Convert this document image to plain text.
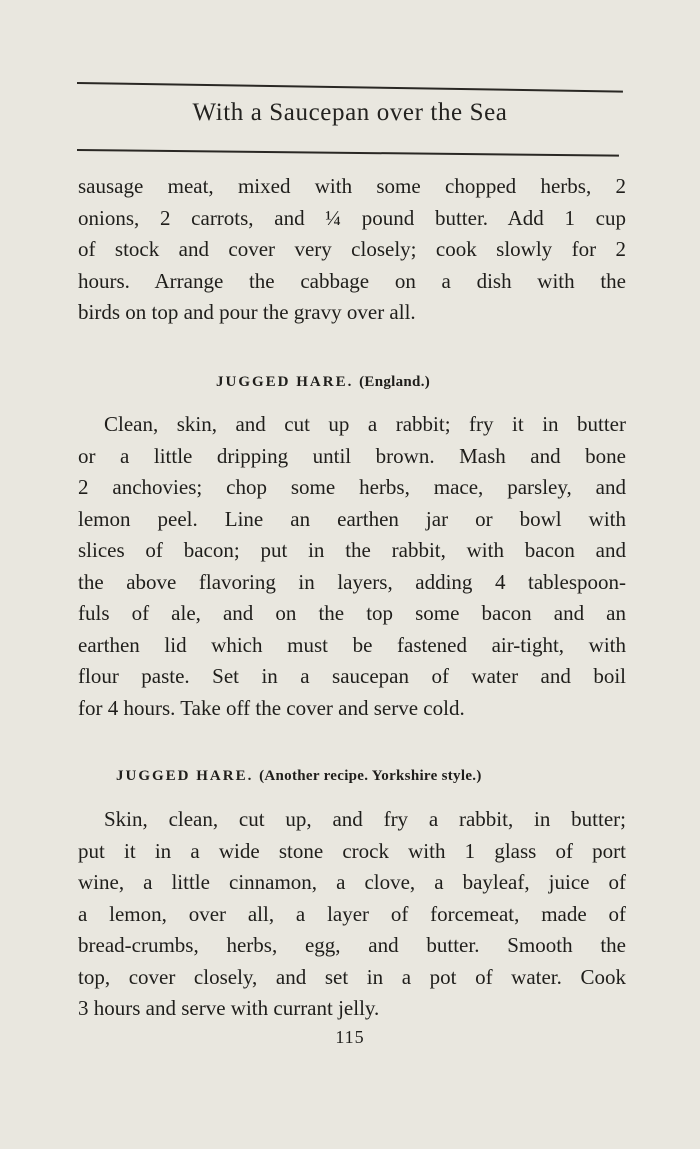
With a Saucepan over the Sea
sausage meat, mixed with some chopped herbs, 2
onions, 2 carrots, and ¼ pound butter. Add 1 cup
of stock and cover very closely; cook slowly for 2
hours. Arrange the cabbage on a dish with the
birds on top and pour the gravy over all.
JUGGED HARE. (England.)
Clean, skin, and cut up a rabbit; fry it in butter
or a little dripping until brown. Mash and bone
2 anchovies; chop some herbs, mace, parsley, and
lemon peel. Line an earthen jar or bowl with
slices of bacon; put in the rabbit, with bacon and
the above flavoring in layers, adding 4 tablespoon-
fuls of ale, and on the top some bacon and an
earthen lid which must be fastened air-tight, with
flour paste. Set in a saucepan of water and boil
for 4 hours. Take off the cover and serve cold.
JUGGED HARE. (Another recipe. Yorkshire style.)
Skin, clean, cut up, and fry a rabbit, in butter;
put it in a wide stone crock with 1 glass of port
wine, a little cinnamon, a clove, a bayleaf, juice of
a lemon, over all, a layer of forcemeat, made of
bread-crumbs, herbs, egg, and butter. Smooth the
top, cover closely, and set in a pot of water. Cook
3 hours and serve with currant jelly.
115
